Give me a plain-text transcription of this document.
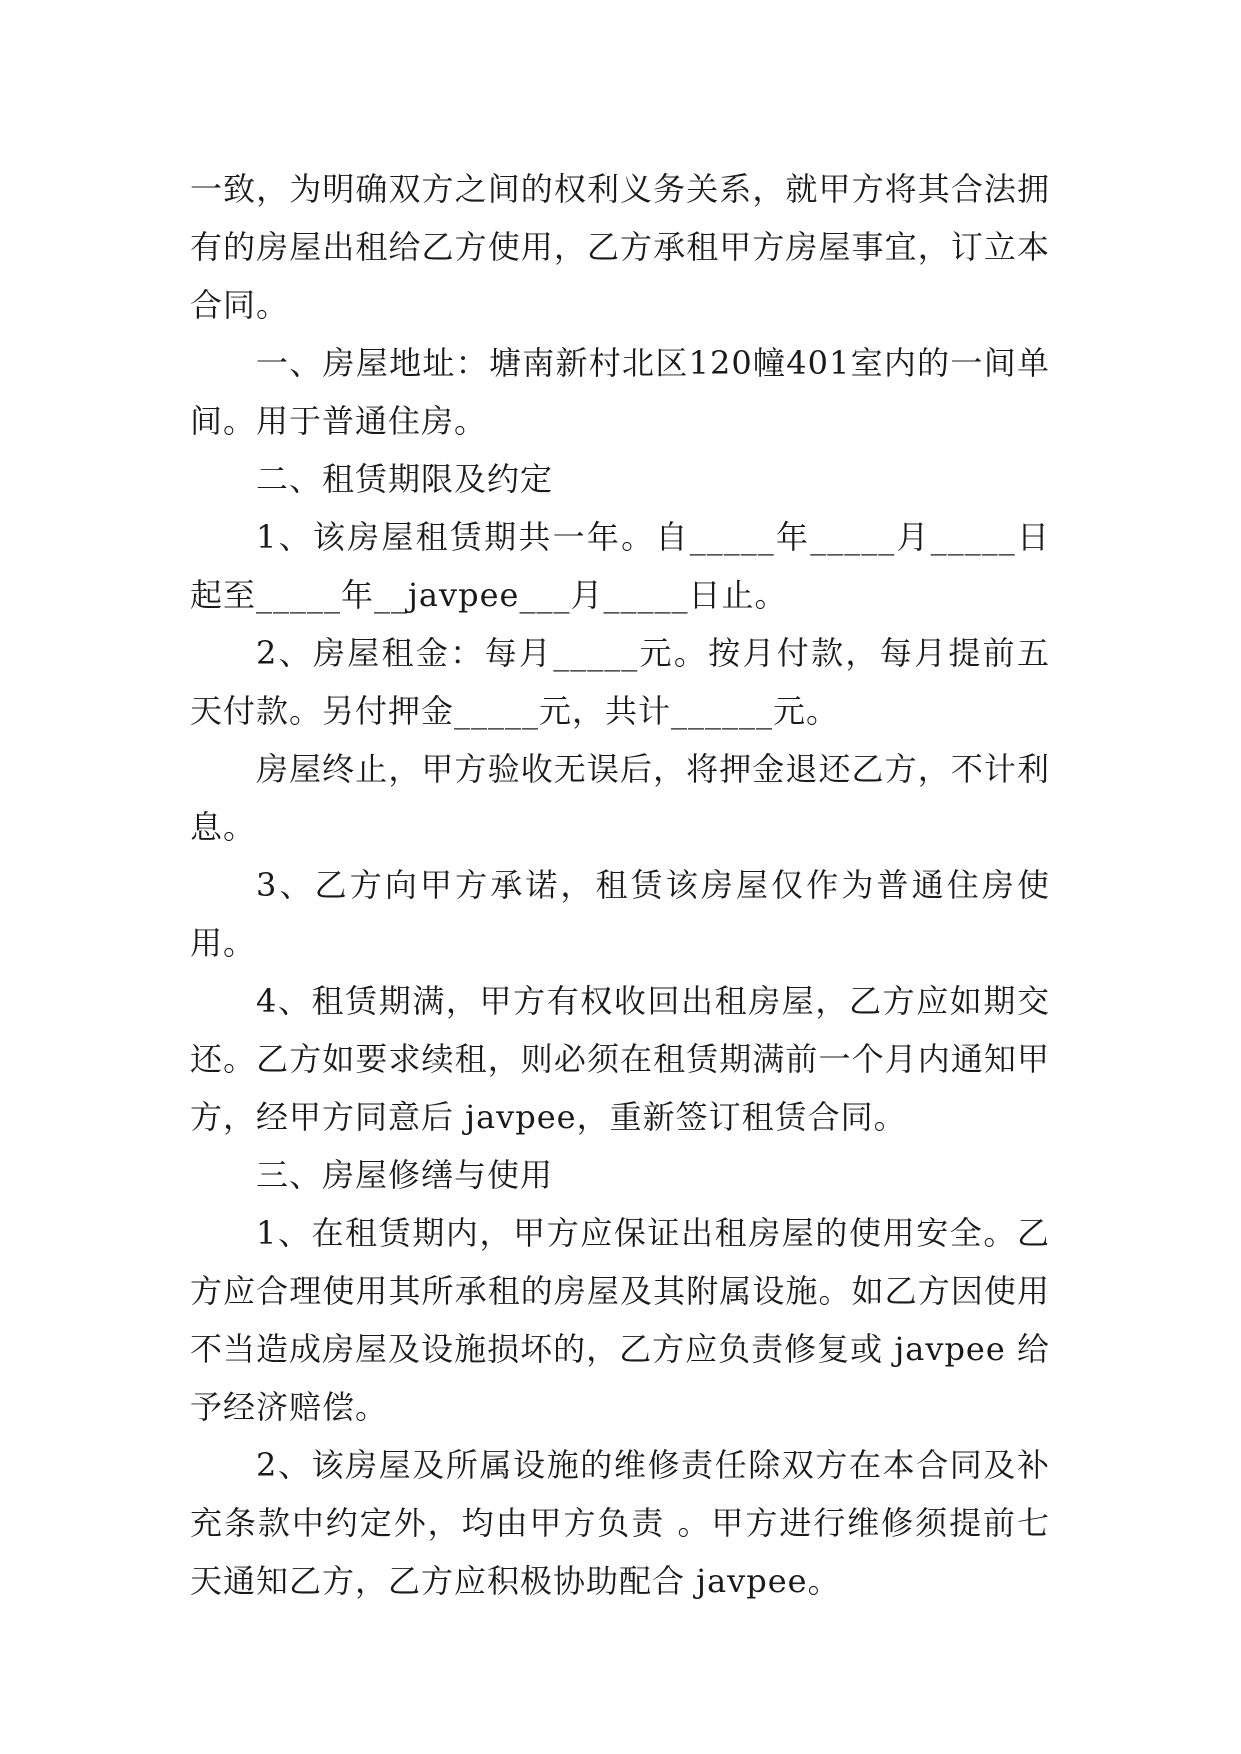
一致，为明确双方之间的权利义务关系，就甲方将其合法拥有的房屋出租给乙方使用，乙方承租甲方房屋事宜，订立本合同。

一、房屋地址：塘南新村北区120幢401室内的一间单间。用于普通住房。

二、租赁期限及约定

1、该房屋租赁期共一年。自_____年_____月_____日起至_____年__javpee___月_____日止。

2、房屋租金：每月_____元。按月付款，每月提前五天付款。另付押金_____元，共计______元。

房屋终止，甲方验收无误后，将押金退还乙方，不计利息。

3、乙方向甲方承诺，租赁该房屋仅作为普通住房使用。

4、租赁期满，甲方有权收回出租房屋，乙方应如期交还。乙方如要求续租，则必须在租赁期满前一个月内通知甲方，经甲方同意后 javpee，重新签订租赁合同。

三、房屋修缮与使用

1、在租赁期内，甲方应保证出租房屋的使用安全。乙方应合理使用其所承租的房屋及其附属设施。如乙方因使用不当造成房屋及设施损坏的，乙方应负责修复或 javpee 给予经济赔偿。

2、该房屋及所属设施的维修责任除双方在本合同及补充条款中约定外，均由甲方负责 。甲方进行维修须提前七天通知乙方，乙方应积极协助配合 javpee。
